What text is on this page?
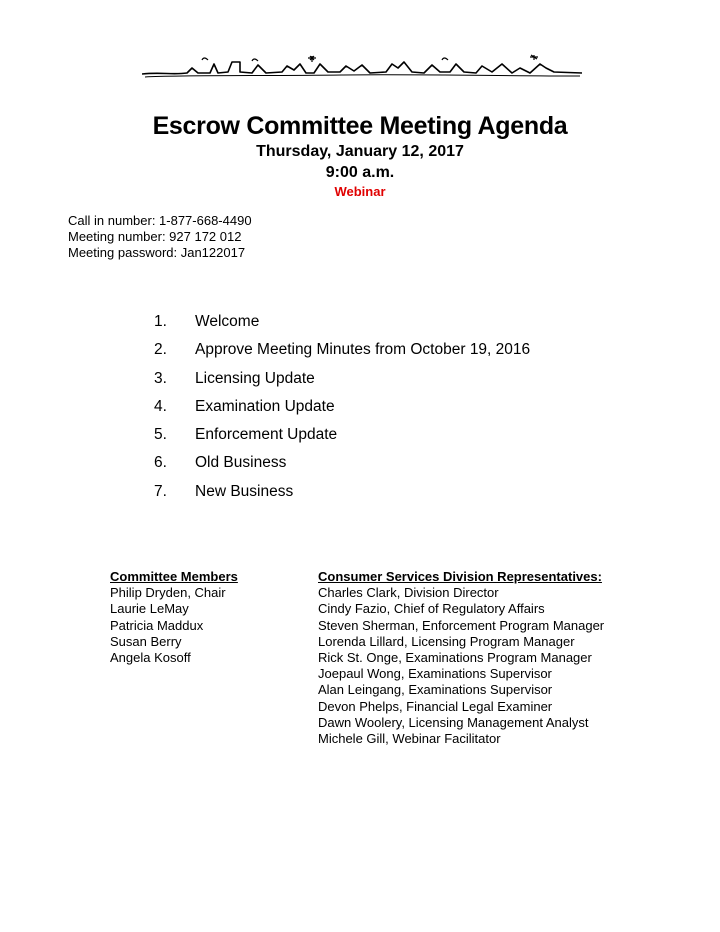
Escrow Committee Meeting Agenda
Thursday, January 12, 2017
9:00 a.m.
Webinar
Call in number: 1-877-668-4490
Meeting number: 927 172 012
Meeting password: Jan122017
1. Welcome
2. Approve Meeting Minutes from October 19, 2016
3. Licensing Update
4. Examination Update
5. Enforcement Update
6. Old Business
7. New Business
Committee Members
Philip Dryden, Chair
Laurie LeMay
Patricia Maddux
Susan Berry
Angela Kosoff
Consumer Services Division Representatives:
Charles Clark, Division Director
Cindy Fazio, Chief of Regulatory Affairs
Steven Sherman, Enforcement Program Manager
Lorenda Lillard, Licensing Program Manager
Rick St. Onge, Examinations Program Manager
Joepaul Wong, Examinations Supervisor
Alan Leingang, Examinations Supervisor
Devon Phelps, Financial Legal Examiner
Dawn Woolery, Licensing Management Analyst
Michele Gill, Webinar Facilitator
